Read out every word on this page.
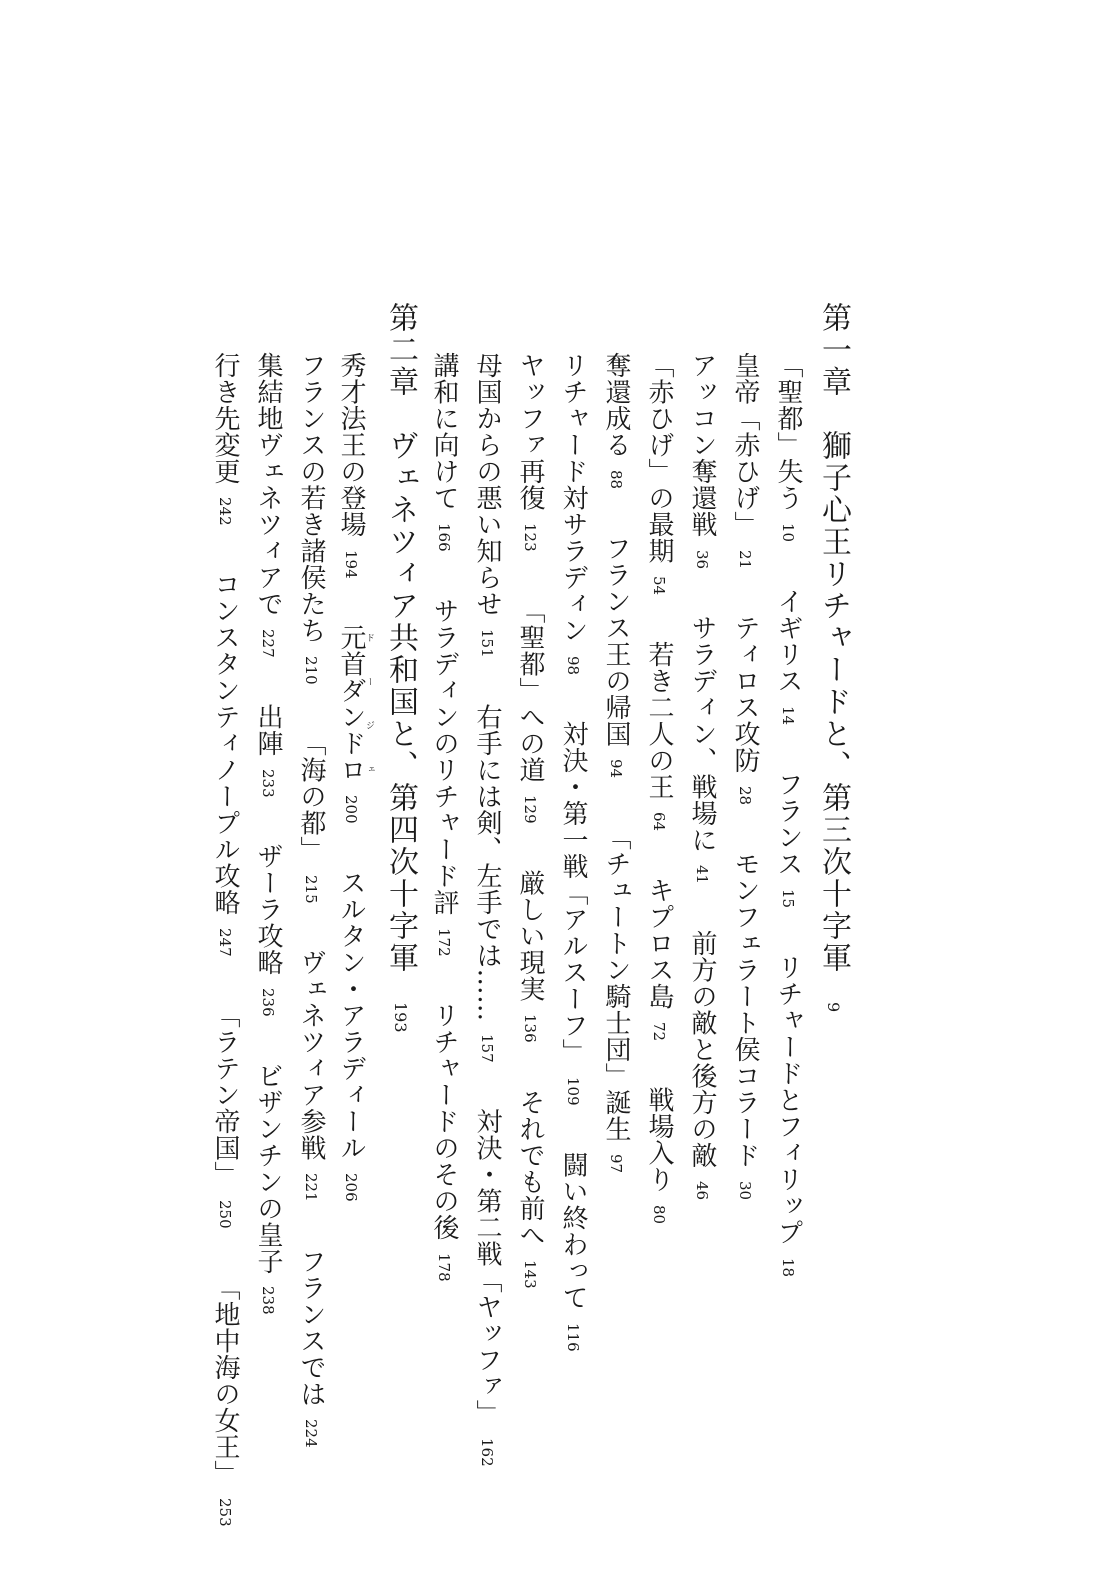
第一章　獅子心王リチャードと、第三次十字軍9
「聖都」失う10イギリス14フランス15リチャードとフィリップ18
皇帝「赤ひげ」21ティロス攻防28モンフェラート侯コラード30
アッコン奪還戦36サラディン、戦場に41前方の敵と後方の敵46
「赤ひげ」の最期54若き二人の王64キプロス島72戦場入り80
奪還成る88フランス王の帰国94「チュートン騎士団」誕生97
リチャード対サラディン98対決・第一戦「アルスーフ」109闘い終わって116
ヤッファ再復123「聖都」への道129厳しい現実136それでも前へ143
母国からの悪い知らせ151右手には剣、左手では……157対決・第二戦「ヤッファ」162
講和に向けて166サラディンのリチャード評172リチャードのその後178
第二章　ヴェネツィア共和国と、第四次十字軍193
秀才法王の登場194元首ダンドロドージェ200スルタン・アラディール206
フランスの若き諸侯たち210「海の都」215ヴェネツィア参戦221フランスでは224
集結地ヴェネツィアで227出陣233ザーラ攻略236ビザンチンの皇子238
行き先変更242コンスタンティノープル攻略247「ラテン帝国」250「地中海の女王」253
